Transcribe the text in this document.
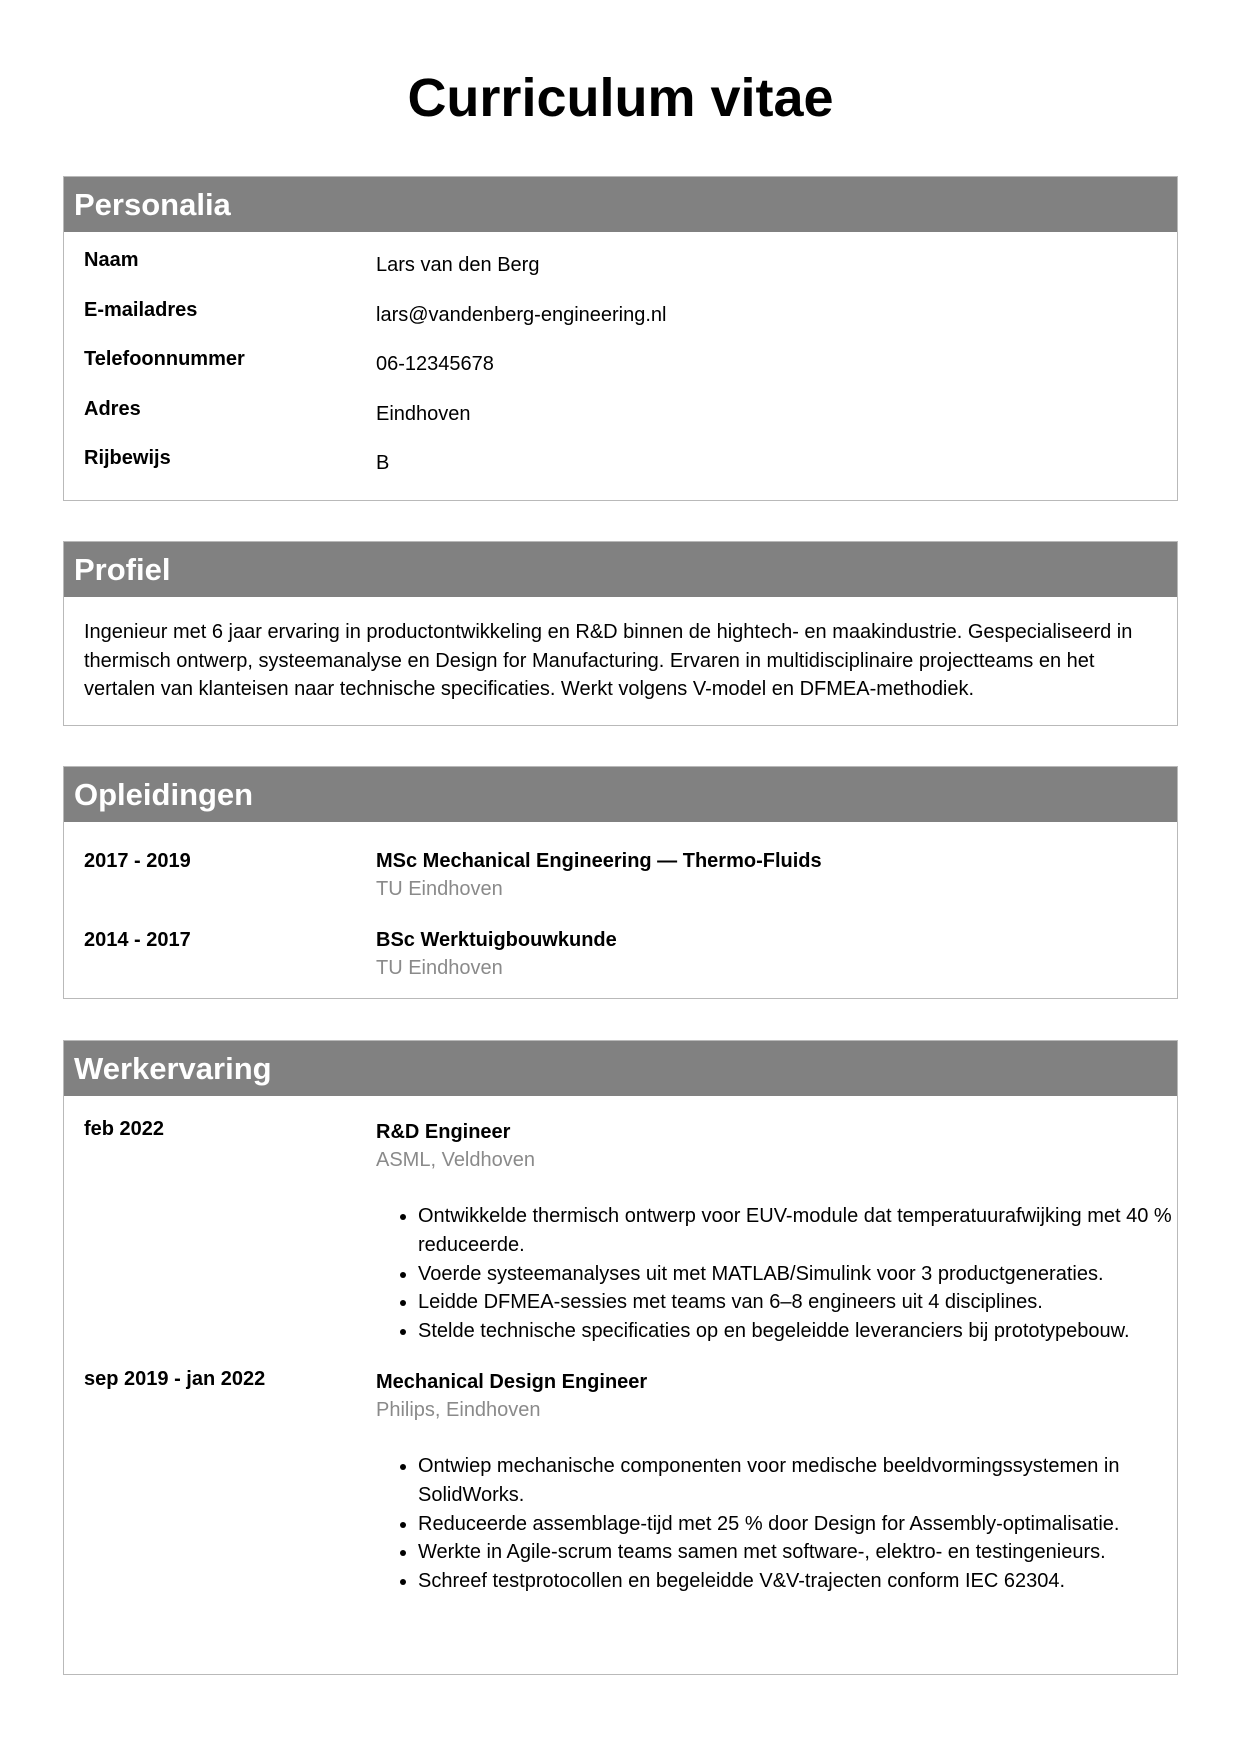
Curriculum vitae
Personalia
Naam	Lars van den Berg
E-mailadres	lars@vandenberg-engineering.nl
Telefoonnummer	06-12345678
Adres	Eindhoven
Rijbewijs	B
Profiel
Ingenieur met 6 jaar ervaring in productontwikkeling en R&D binnen de hightech- en maakindustrie. Gespecialiseerd in thermisch ontwerp, systeemanalyse en Design for Manufacturing. Ervaren in multidisciplinaire projectteams en het vertalen van klanteisen naar technische specificaties. Werkt volgens V-model en DFMEA-methodiek.
Opleidingen
2017 - 2019	MSc Mechanical Engineering — Thermo-Fluids
TU Eindhoven
2014 - 2017	BSc Werktuigbouwkunde
TU Eindhoven
Werkervaring
feb 2022	R&D Engineer
ASML, Veldhoven
• Ontwikkelde thermisch ontwerp voor EUV-module dat temperatuurafwijking met 40 % reduceerde.
• Voerde systeemanalyses uit met MATLAB/Simulink voor 3 productgeneraties.
• Leidde DFMEA-sessies met teams van 6–8 engineers uit 4 disciplines.
• Stelde technische specificaties op en begeleidde leveranciers bij prototypebouw.
sep 2019 - jan 2022	Mechanical Design Engineer
Philips, Eindhoven
• Ontwiep mechanische componenten voor medische beeldvormingssystemen in SolidWorks.
• Reduceerde assemblage-tijd met 25 % door Design for Assembly-optimalisatie.
• Werkte in Agile-scrum teams samen met software-, elektro- en testingenieurs.
• Schreef testprotocollen en begeleidde V&V-trajecten conform IEC 62304.
